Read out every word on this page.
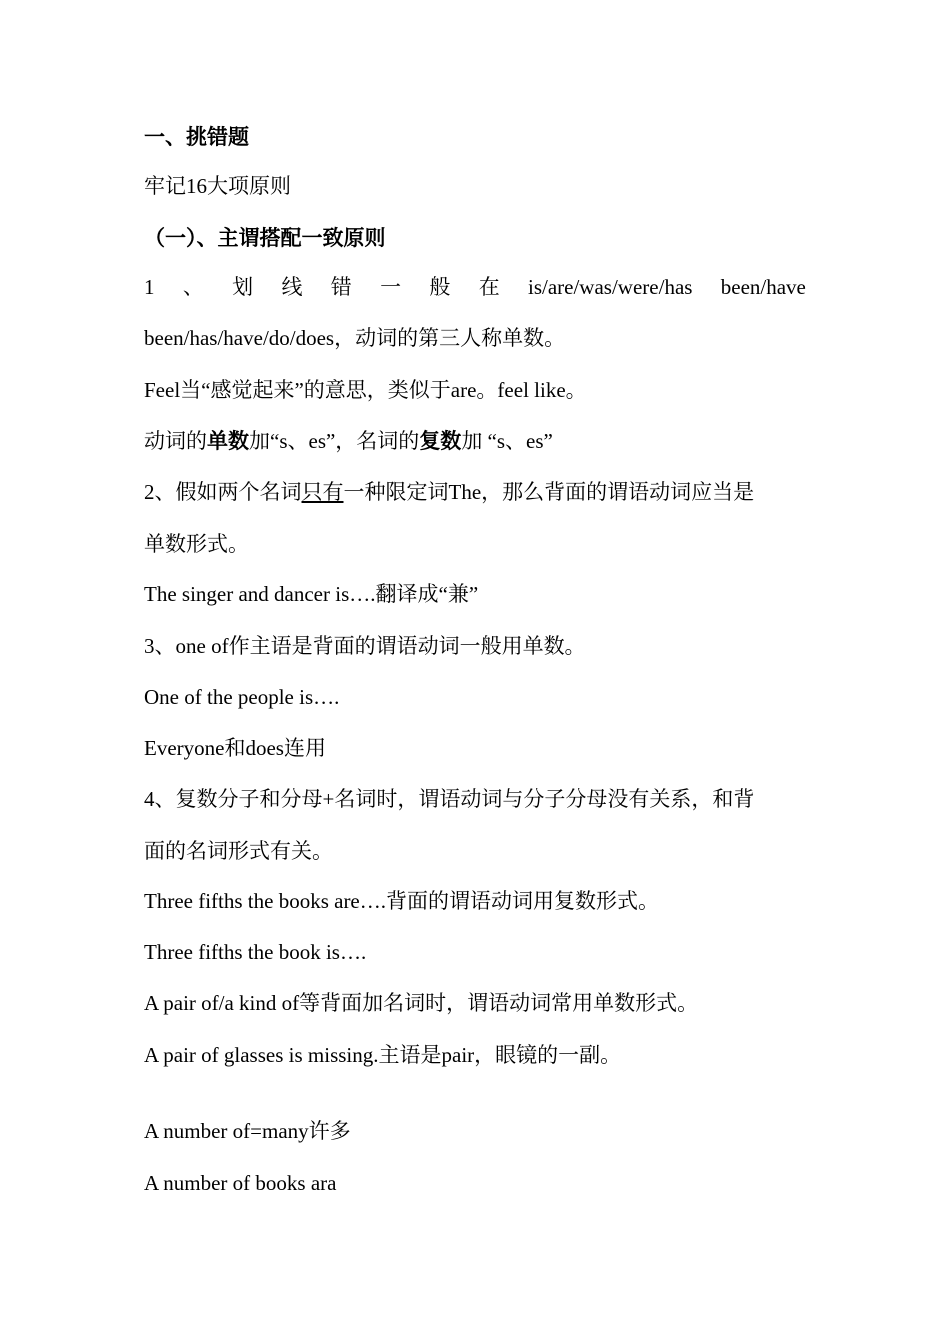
一、挑错题
牢记16大项原则
（一）、主谓搭配一致原则
1 、 划 线 错 一 般 在 is/are/was/were/has been/have
been/has/have/do/does，动词的第三人称单数。
Feel当“感觉起来”的意思，类似于are。feel like。
动词的单数加“s、es”，名词的复数加 “s、es”
2、假如两个名词只有一种限定词The，那么背面的谓语动词应当是
单数形式。
The singer and dancer is….翻译成“兼”
3、one of作主语是背面的谓语动词一般用单数。
One of the people is….
Everyone和does连用
4、复数分子和分母+名词时，谓语动词与分子分母没有关系，和背
面的名词形式有关。
Three fifths the books are….背面的谓语动词用复数形式。
Three fifths the book is….
A pair of/a kind of等背面加名词时，谓语动词常用单数形式。
A pair of glasses is missing.主语是pair，眼镜的一副。
A number of=many许多
A number of books ara
